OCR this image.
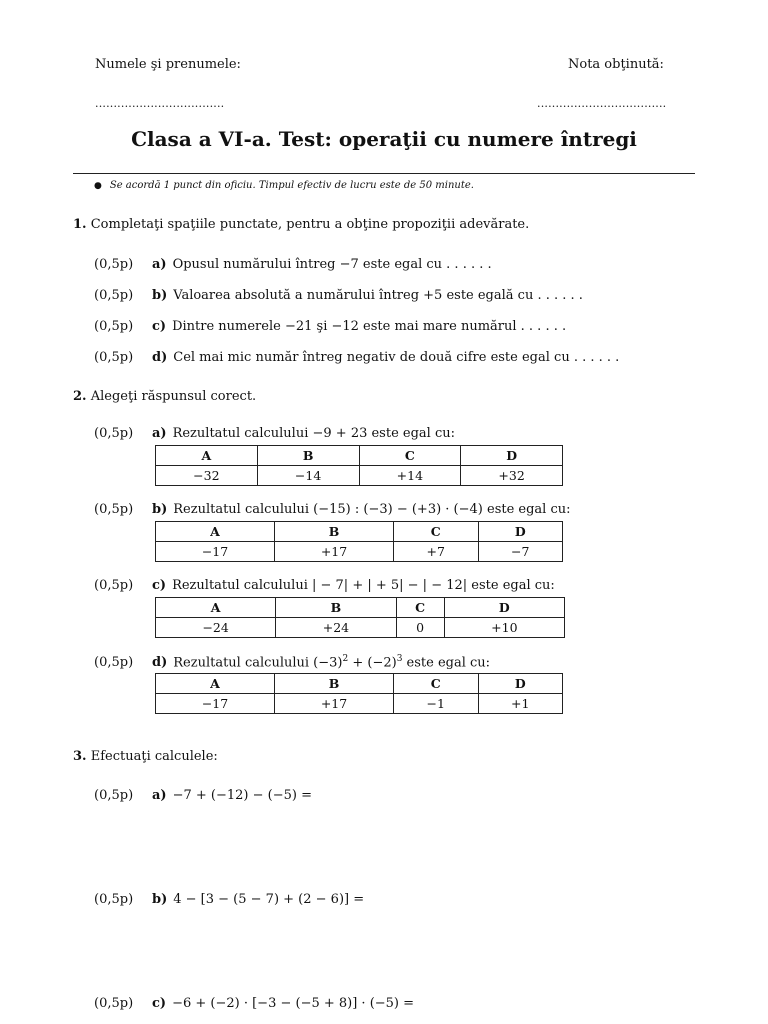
Numele şi prenumele:	Nota obţinută:
...................................	...................................
Clasa a VI-a. Test: operaţii cu numere întregi
● Se acordă 1 punct din oficiu. Timpul efectiv de lucru este de 50 minute.
1. Completaţi spaţiile punctate, pentru a obţine propoziţii adevărate.
(0,5p) a) Opusul numărului întreg −7 este egal cu . . . . . .
(0,5p) b) Valoarea absolută a numărului întreg +5 este egală cu . . . . . .
(0,5p) c) Dintre numerele −21 şi −12 este mai mare numărul . . . . . .
(0,5p) d) Cel mai mic număr întreg negativ de două cifre este egal cu . . . . . .
2. Alegeţi răspunsul corect.
(0,5p) a) Rezultatul calculului −9 + 23 este egal cu:
A	B	C	D
−32	−14	+14	+32
(0,5p) b) Rezultatul calculului (−15) : (−3) − (+3) · (−4) este egal cu:
A	B	C	D
−17	+17	+7	−7
(0,5p) c) Rezultatul calculului | − 7| + | + 5| − | − 12| este egal cu:
A	B	C	D
−24	+24	0	+10
(0,5p) d) Rezultatul calculului $(-3)^2 + (-2)^3$ este egal cu:
A	B	C	D
−17	+17	−1	+1
3. Efectuaţi calculele:
(0,5p) a) −7 + (−12) − (−5) =
(0,5p) b) 4 − [3 − (5 − 7) + (2 − 6)] =
(0,5p) c) −6 + (−2) · [−3 − (−5 + 8)] · (−5) =
